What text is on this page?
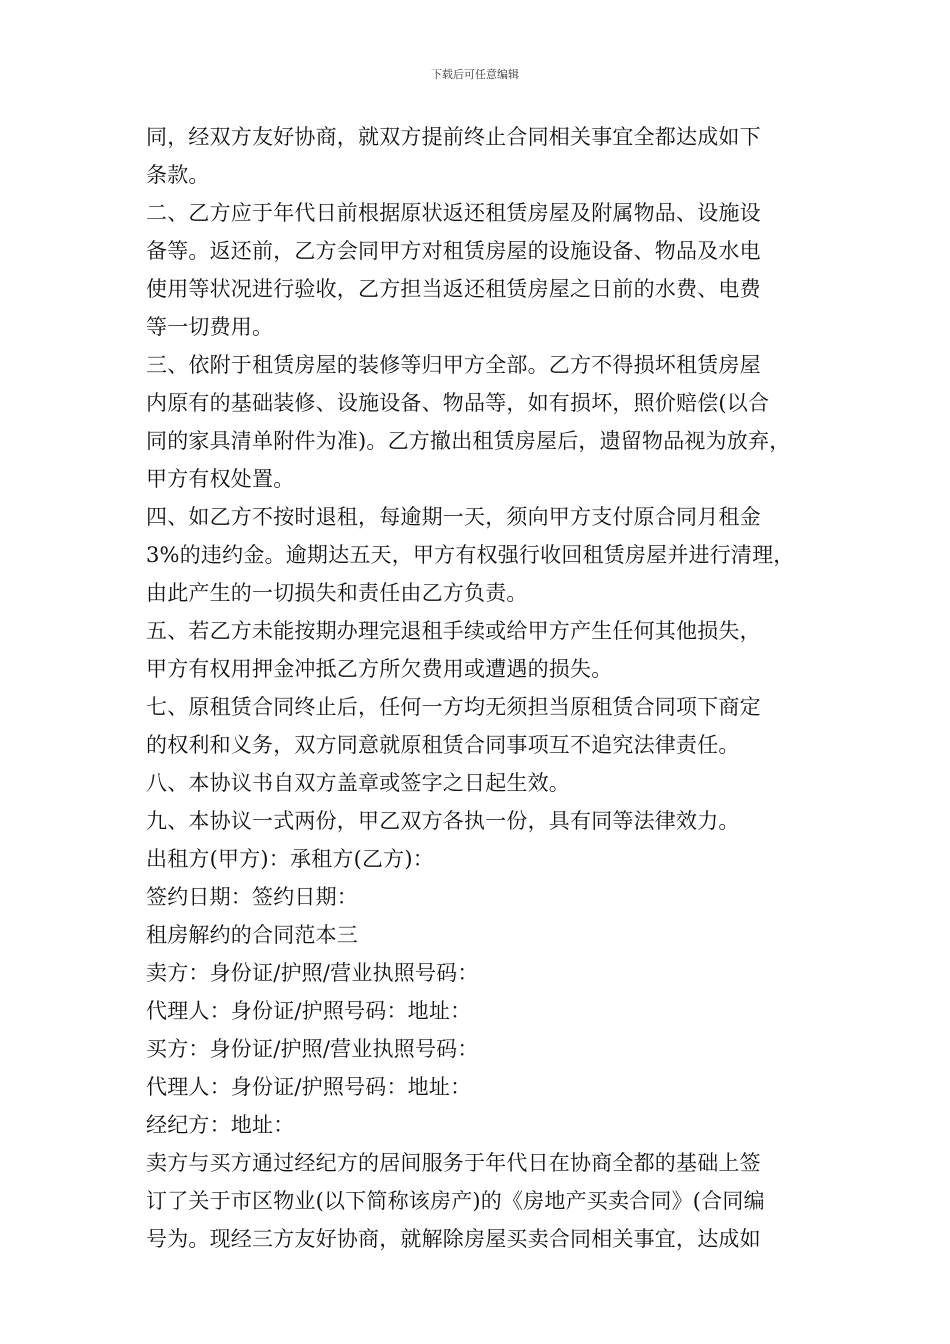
下载后可任意编辑
同，经双方友好协商，就双方提前终止合同相关事宜全都达成如下
条款。
二、乙方应于年代日前根据原状返还租赁房屋及附属物品、设施设
备等。返还前，乙方会同甲方对租赁房屋的设施设备、物品及水电
使用等状况进行验收，乙方担当返还租赁房屋之日前的水费、电费
等一切费用。
三、依附于租赁房屋的装修等归甲方全部。乙方不得损坏租赁房屋
内原有的基础装修、设施设备、物品等，如有损坏，照价赔偿(以合
同的家具清单附件为准)。乙方撤出租赁房屋后，遗留物品视为放弃，
甲方有权处置。
四、如乙方不按时退租，每逾期一天，须向甲方支付原合同月租金
3%的违约金。逾期达五天，甲方有权强行收回租赁房屋并进行清理，
由此产生的一切损失和责任由乙方负责。
五、若乙方未能按期办理完退租手续或给甲方产生任何其他损失，
甲方有权用押金冲抵乙方所欠费用或遭遇的损失。
七、原租赁合同终止后，任何一方均无须担当原租赁合同项下商定
的权利和义务，双方同意就原租赁合同事项互不追究法律责任。
八、本协议书自双方盖章或签字之日起生效。
九、本协议一式两份，甲乙双方各执一份，具有同等法律效力。
出租方(甲方)：承租方(乙方)：
签约日期：签约日期：
租房解约的合同范本三
卖方：身份证/护照/营业执照号码：
代理人：身份证/护照号码：地址：
买方：身份证/护照/营业执照号码：
代理人：身份证/护照号码：地址：
经纪方：地址：
卖方与买方通过经纪方的居间服务于年代日在协商全都的基础上签
订了关于市区物业(以下简称该房产)的《房地产买卖合同》(合同编
号为。现经三方友好协商，就解除房屋买卖合同相关事宜，达成如
